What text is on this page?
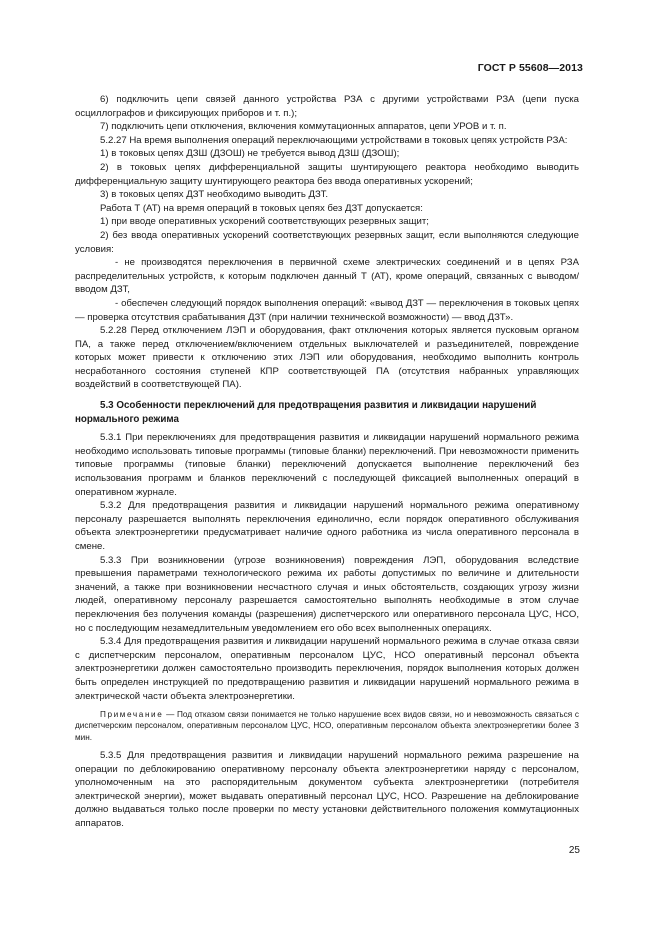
ГОСТ Р 55608—2013

6) подключить цепи связей данного устройства РЗА с другими устройствами РЗА (цепи пуска осциллографов и фиксирующих приборов и т. п.);

7) подключить цепи отключения, включения коммутационных аппаратов, цепи УРОВ и т. п.

5.2.27 На время выполнения операций переключающими устройствами в токовых цепях устройств РЗА:

1) в токовых цепях ДЗШ (ДЗОШ) не требуется вывод ДЗШ (ДЗОШ);

2) в токовых цепях дифференциальной защиты шунтирующего реактора необходимо выводить дифференциальную защиту шунтирующего реактора без ввода оперативных ускорений;

3) в токовых цепях ДЗТ необходимо выводить ДЗТ.

Работа Т (АТ) на время операций в токовых цепях без ДЗТ допускается:

1) при вводе оперативных ускорений соответствующих резервных защит;

2) без ввода оперативных ускорений соответствующих резервных защит, если выполняются следующие условия:

- не производятся переключения в первичной схеме электрических соединений и в цепях РЗА распределительных устройств, к которым подключен данный Т (АТ), кроме операций, связанных с выводом/вводом ДЗТ,

- обеспечен следующий порядок выполнения операций: «вывод ДЗТ — переключения в токовых цепях — проверка отсутствия срабатывания ДЗТ (при наличии технической возможности) — ввод ДЗТ».

5.2.28 Перед отключением ЛЭП и оборудования, факт отключения которых является пусковым органом ПА, а также перед отключением/включением отдельных выключателей и разъединителей, повреждение которых может привести к отключению этих ЛЭП или оборудования, необходимо выполнить контроль несработанного состояния ступеней КПР соответствующей ПА (отсутствия набранных управляющих воздействий в соответствующей ПА).

5.3 Особенности переключений для предотвращения развития и ликвидации нарушений нормального режима

5.3.1 При переключениях для предотвращения развития и ликвидации нарушений нормального режима необходимо использовать типовые программы (типовые бланки) переключений. При невозможности применить типовые программы (типовые бланки) переключений допускается выполнение переключений без использования программ и бланков переключений с последующей фиксацией выполненных операций в оперативном журнале.

5.3.2 Для предотвращения развития и ликвидации нарушений нормального режима оперативному персоналу разрешается выполнять переключения единолично, если порядок оперативного обслуживания объекта электроэнергетики предусматривает наличие одного работника из числа оперативного персонала в смене.

5.3.3 При возникновении (угрозе возникновения) повреждения ЛЭП, оборудования вследствие превышения параметрами технологического режима их работы допустимых по величине и длительности значений, а также при возникновении несчастного случая и иных обстоятельств, создающих угрозу жизни людей, оперативному персоналу разрешается самостоятельно выполнять необходимые в этом случае переключения без получения команды (разрешения) диспетчерского или оперативного персонала ЦУС, НСО, но с последующим незамедлительным уведомлением его обо всех выполненных операциях.

5.3.4 Для предотвращения развития и ликвидации нарушений нормального режима в случае отказа связи с диспетчерским персоналом, оперативным персоналом ЦУС, НСО оперативный персонал объекта электроэнергетики должен самостоятельно производить переключения, порядок выполнения которых должен быть определен инструкцией по предотвращению развития и ликвидации нарушений нормального режима в электрической части объекта электроэнергетики.

Примечание — Под отказом связи понимается не только нарушение всех видов связи, но и невозможность связаться с диспетчерским персоналом, оперативным персоналом ЦУС, НСО, оперативным персоналом объекта электроэнергетики более 3 мин.

5.3.5 Для предотвращения развития и ликвидации нарушений нормального режима разрешение на операции по деблокированию оперативному персоналу объекта электроэнергетики наряду с персоналом, уполномоченным на это распорядительным документом субъекта электроэнергетики (потребителя электрической энергии), может выдавать оперативный персонал ЦУС, НСО. Разрешение на деблокирование должно выдаваться только после проверки по месту установки действительного положения коммутационных аппаратов.

25
